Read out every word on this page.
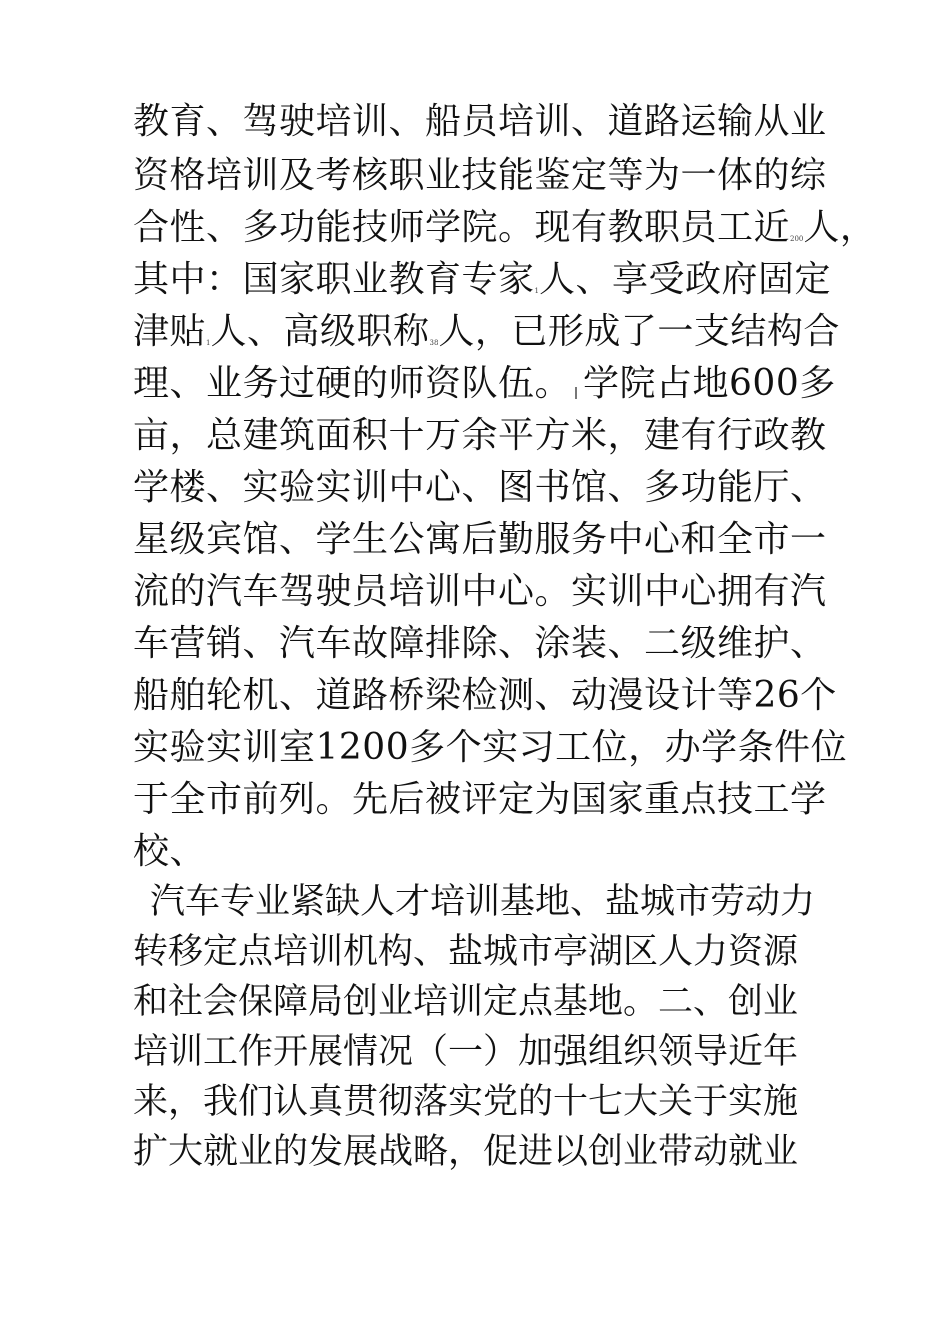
教育、驾驶培训、船员培训、道路运输从业
资格培训及考核职业技能鉴定等为一体的综
合性、多功能技师学院。现有教职员工近200人，
其中：国家职业教育专家1人、享受政府固定
津贴1人、高级职称38人，已形成了一支结构合
理、业务过硬的师资队伍。 学院占地600多
亩，总建筑面积十万余平方米，建有行政教
学楼、实验实训中心、图书馆、多功能厅、
星级宾馆、学生公寓后勤服务中心和全市一
流的汽车驾驶员培训中心。实训中心拥有汽
车营销、汽车故障排除、涂装、二级维护、
船舶轮机、道路桥梁检测、动漫设计等26个
实验实训室1200多个实习工位，办学条件位
于全市前列。先后被评定为国家重点技工学
校、
汽车专业紧缺人才培训基地、盐城市劳动力
转移定点培训机构、盐城市亭湖区人力资源
和社会保障局创业培训定点基地。二、创业
培训工作开展情况（一）加强组织领导近年
来，我们认真贯彻落实党的十七大关于实施
扩大就业的发展战略，促进以创业带动就业
